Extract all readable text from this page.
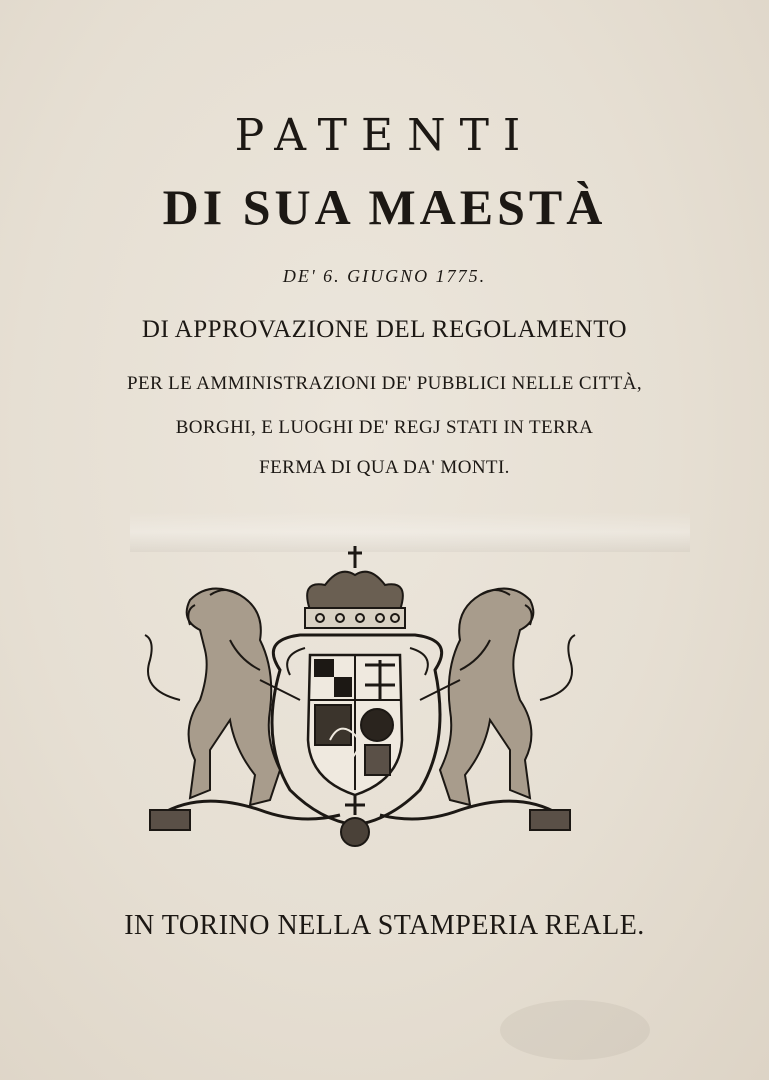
PATENTI
DI SUA MAESTÀ
DE' 6. GIUGNO 1775.
DI APPROVAZIONE DEL REGOLAMENTO
PER LE AMMINISTRAZIONI DE' PUBBLICI NELLE CITTÀ,
BORGHI, E LUOGHI DE' REGJ STATI IN TERRA
FERMA DI QUA DA' MONTI.
IN TORINO NELLA STAMPERIA REALE.
